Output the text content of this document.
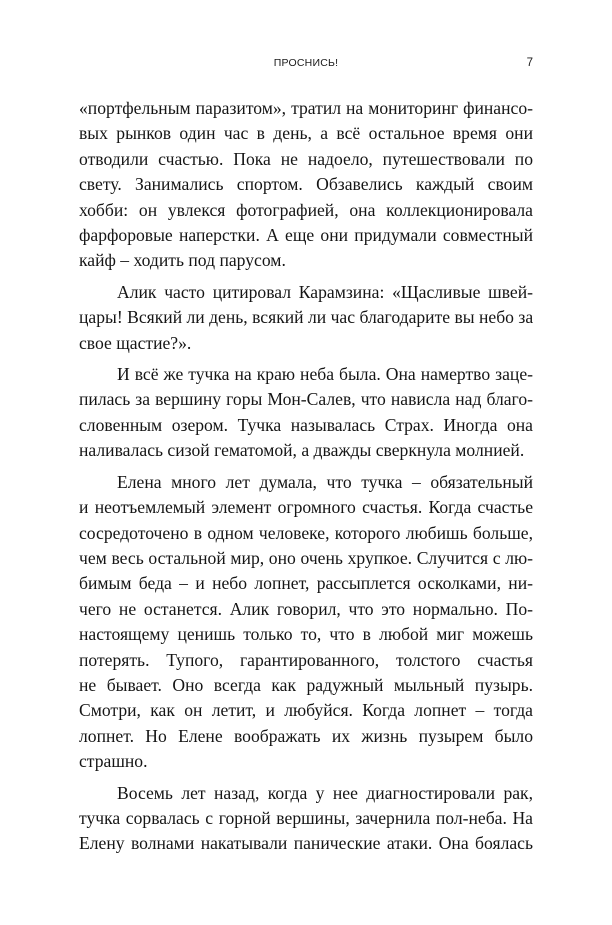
ПРОСНИСЬ!	7
«портфельным паразитом», тратил на мониторинг финансо-
вых рынков один час в день, а всё остальное время они
отводили счастью. Пока не надоело, путешествовали по
свету. Занимались спортом. Обзавелись каждый своим
хобби: он увлекся фотографией, она коллекционировала
фарфоровые наперстки. А еще они придумали совместный
кайф – ходить под парусом.
Алик часто цитировал Карамзина: «Щасливые швей-
цары! Всякий ли день, всякий ли час благодарите вы небо за
свое щастие?».
И всё же тучка на краю неба была. Она намертво заце-
пилась за вершину горы Мон-Салев, что нависла над благо-
словенным озером. Тучка называлась Страх. Иногда она
наливалась сизой гематомой, а дважды сверкнула молнией.
Елена много лет думала, что тучка – обязательный
и неотъемлемый элемент огромного счастья. Когда счастье
сосредоточено в одном человеке, которого любишь больше,
чем весь остальной мир, оно очень хрупкое. Случится с лю-
бимым беда – и небо лопнет, рассыплется осколками, ни-
чего не останется. Алик говорил, что это нормально. По-
настоящему ценишь только то, что в любой миг можешь
потерять. Тупого, гарантированного, толстого счастья
не бывает. Оно всегда как радужный мыльный пузырь.
Смотри, как он летит, и любуйся. Когда лопнет – тогда
лопнет. Но Елене воображать их жизнь пузырем было
страшно.
Восемь лет назад, когда у нее диагностировали рак,
тучка сорвалась с горной вершины, зачернила пол-неба. На
Елену волнами накатывали панические атаки. Она боялась
